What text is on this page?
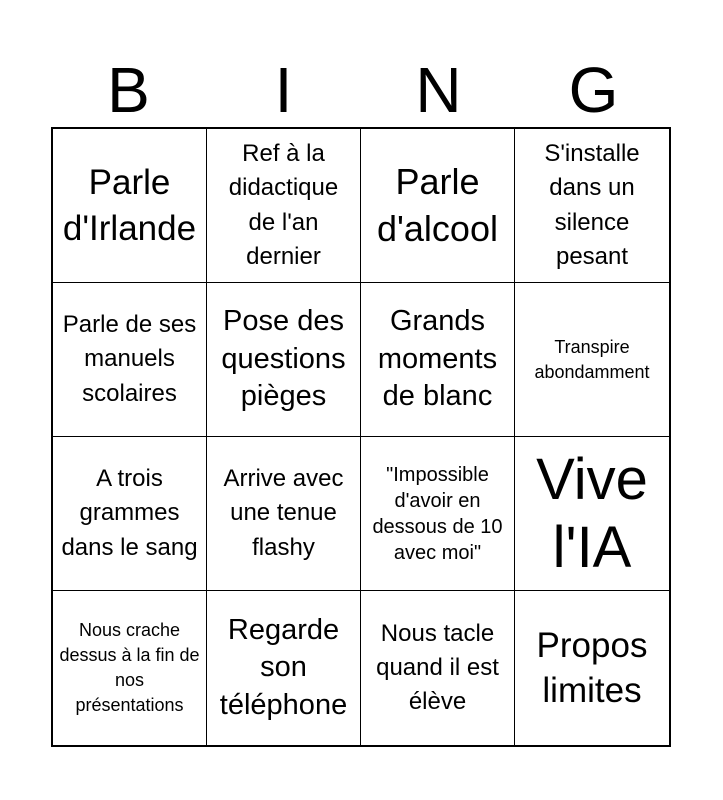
B	I	N	G
Parle d'Irlande
Ref à la didactique de l'an dernier
Parle d'alcool
S'installe dans un silence pesant
Parle de ses manuels scolaires
Pose des questions pièges
Grands moments de blanc
Transpire abondamment
A trois grammes dans le sang
Arrive avec une tenue flashy
"Impossible d'avoir en dessous de 10 avec moi"
Vive l'IA
Nous crache dessus à la fin de nos présentations
Regarde son téléphone
Nous tacle quand il est élève
Propos limites
